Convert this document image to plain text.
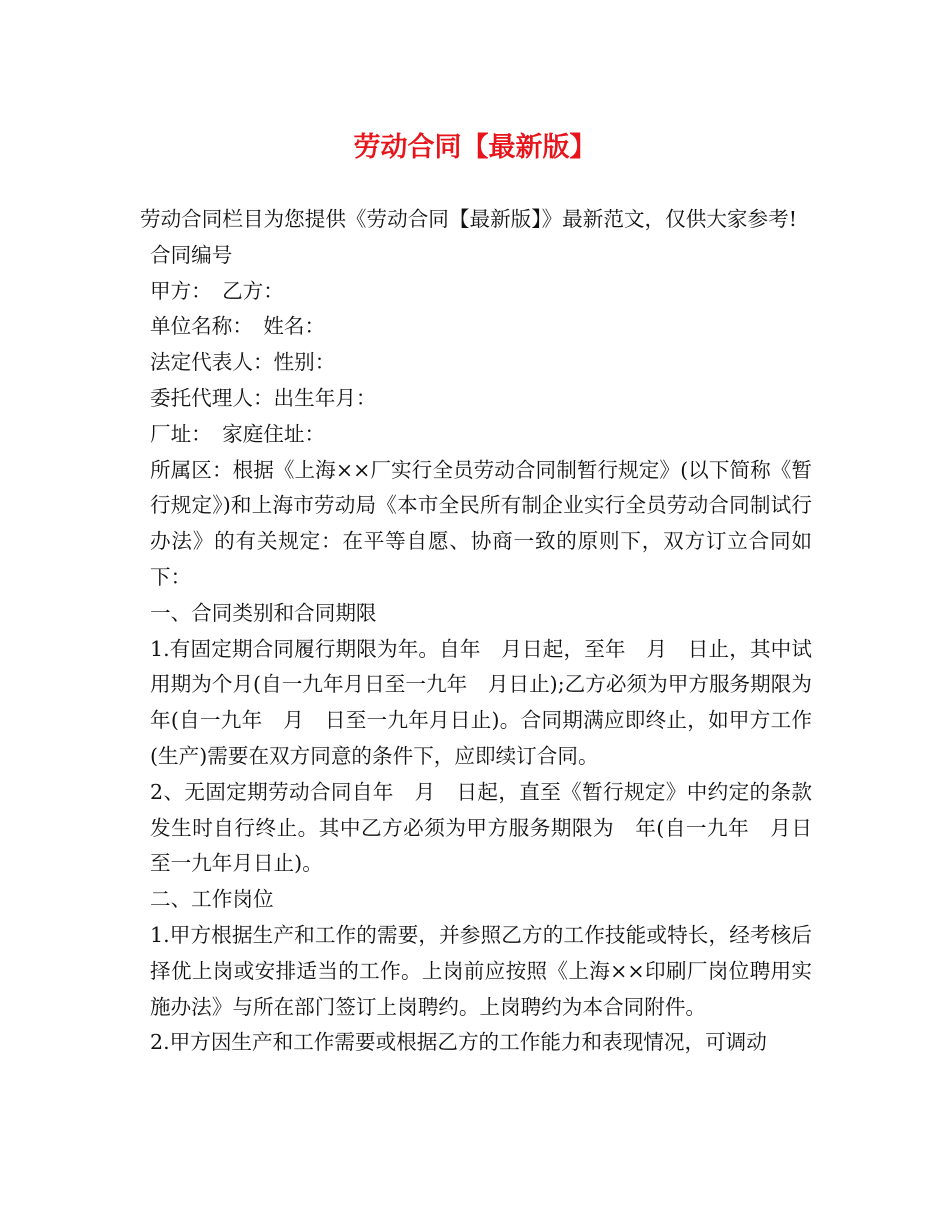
劳动合同【最新版】

劳动合同栏目为您提供《劳动合同【最新版】》最新范文，仅供大家参考!

合同编号

甲方：　乙方：

单位名称：　姓名：

法定代表人：性别：

委托代理人：出生年月：

厂址：　家庭住址：

所属区：根据《上海××厂实行全员劳动合同制暂行规定》(以下简称《暂行规定》)和上海市劳动局《本市全民所有制企业实行全员劳动合同制试行办法》的有关规定：在平等自愿、协商一致的原则下，双方订立合同如下：

一、合同类别和合同期限

1.有固定期合同履行期限为年。自年　月日起，至年　月　日止，其中试用期为个月(自一九年月日至一九年　月日止);乙方必须为甲方服务期限为年(自一九年　月　日至一九年月日止)。合同期满应即终止，如甲方工作(生产)需要在双方同意的条件下，应即续订合同。

2、无固定期劳动合同自年　月　日起，直至《暂行规定》中约定的条款发生时自行终止。其中乙方必须为甲方服务期限为　年(自一九年　月日至一九年月日止)。

二、工作岗位

1.甲方根据生产和工作的需要，并参照乙方的工作技能或特长，经考核后择优上岗或安排适当的工作。上岗前应按照《上海××印刷厂岗位聘用实施办法》与所在部门签订上岗聘约。上岗聘约为本合同附件。

2.甲方因生产和工作需要或根据乙方的工作能力和表现情况，可调动
